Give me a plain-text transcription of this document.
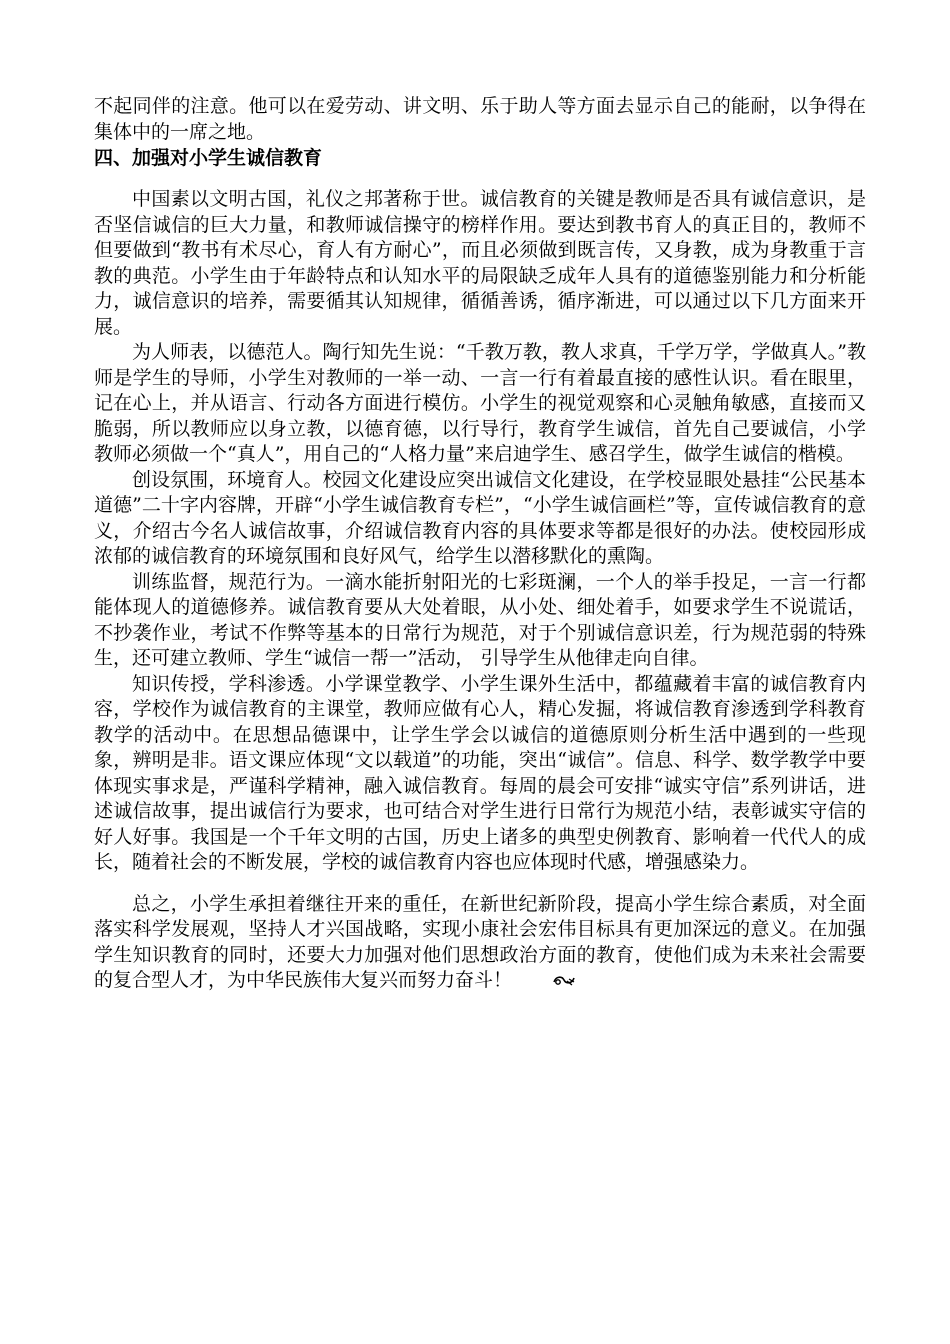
不起同伴的注意。他可以在爱劳动、讲文明、乐于助人等方面去显示自己的能耐，以争得在集体中的一席之地。

四、加强对小学生诚信教育

中国素以文明古国，礼仪之邦著称于世。诚信教育的关键是教师是否具有诚信意识，是否坚信诚信的巨大力量，和教师诚信操守的榜样作用。要达到教书育人的真正目的，教师不但要做到“教书有术尽心，育人有方耐心”，而且必须做到既言传，又身教，成为身教重于言教的典范。小学生由于年龄特点和认知水平的局限缺乏成年人具有的道德鉴别能力和分析能力，诚信意识的培养，需要循其认知规律，循循善诱，循序渐进，可以通过以下几方面来开展。

为人师表，以德范人。陶行知先生说：“千教万教，教人求真，千学万学，学做真人。”教师是学生的导师，小学生对教师的一举一动、一言一行有着最直接的感性认识。看在眼里，记在心上，并从语言、行动各方面进行模仿。小学生的视觉观察和心灵触角敏感，直接而又脆弱，所以教师应以身立教，以德育德，以行导行，教育学生诚信，首先自己要诚信，小学教师必须做一个“真人”，用自己的“人格力量”来启迪学生、感召学生，做学生诚信的楷模。

创设氛围，环境育人。校园文化建设应突出诚信文化建设，在学校显眼处悬挂“公民基本道德”二十字内容牌，开辟“小学生诚信教育专栏”，“小学生诚信画栏”等，宣传诚信教育的意义，介绍古今名人诚信故事，介绍诚信教育内容的具体要求等都是很好的办法。使校园形成浓郁的诚信教育的环境氛围和良好风气，给学生以潜移默化的熏陶。

训练监督，规范行为。一滴水能折射阳光的七彩斑澜，一个人的举手投足，一言一行都能体现人的道德修养。诚信教育要从大处着眼，从小处、细处着手，如要求学生不说谎话，不抄袭作业，考试不作弊等基本的日常行为规范，对于个别诚信意识差，行为规范弱的特殊生，还可建立教师、学生“诚信一帮一”活动， 引导学生从他律走向自律。

知识传授，学科渗透。小学课堂教学、小学生课外生活中，都蕴藏着丰富的诚信教育内容，学校作为诚信教育的主课堂，教师应做有心人，精心发掘，将诚信教育渗透到学科教育教学的活动中。在思想品德课中，让学生学会以诚信的道德原则分析生活中遇到的一些现象，辨明是非。语文课应体现“文以载道”的功能，突出“诚信”。信息、科学、数学教学中要体现实事求是，严谨科学精神，融入诚信教育。每周的晨会可安排“诚实守信”系列讲话，进述诚信故事，提出诚信行为要求，也可结合对学生进行日常行为规范小结，表彰诚实守信的好人好事。我国是一个千年文明的古国，历史上诸多的典型史例教育、影响着一代代人的成长，随着社会的不断发展，学校的诚信教育内容也应体现时代感，增强感染力。

总之，小学生承担着继往开来的重任，在新世纪新阶段，提高小学生综合素质，对全面落实科学发展观，坚持人才兴国战略，实现小康社会宏伟目标具有更加深远的意义。在加强学生知识教育的同时，还要大力加强对他们思想政治方面的教育，使他们成为未来社会需要的复合型人才，为中华民族伟大复兴而努力奋斗！
